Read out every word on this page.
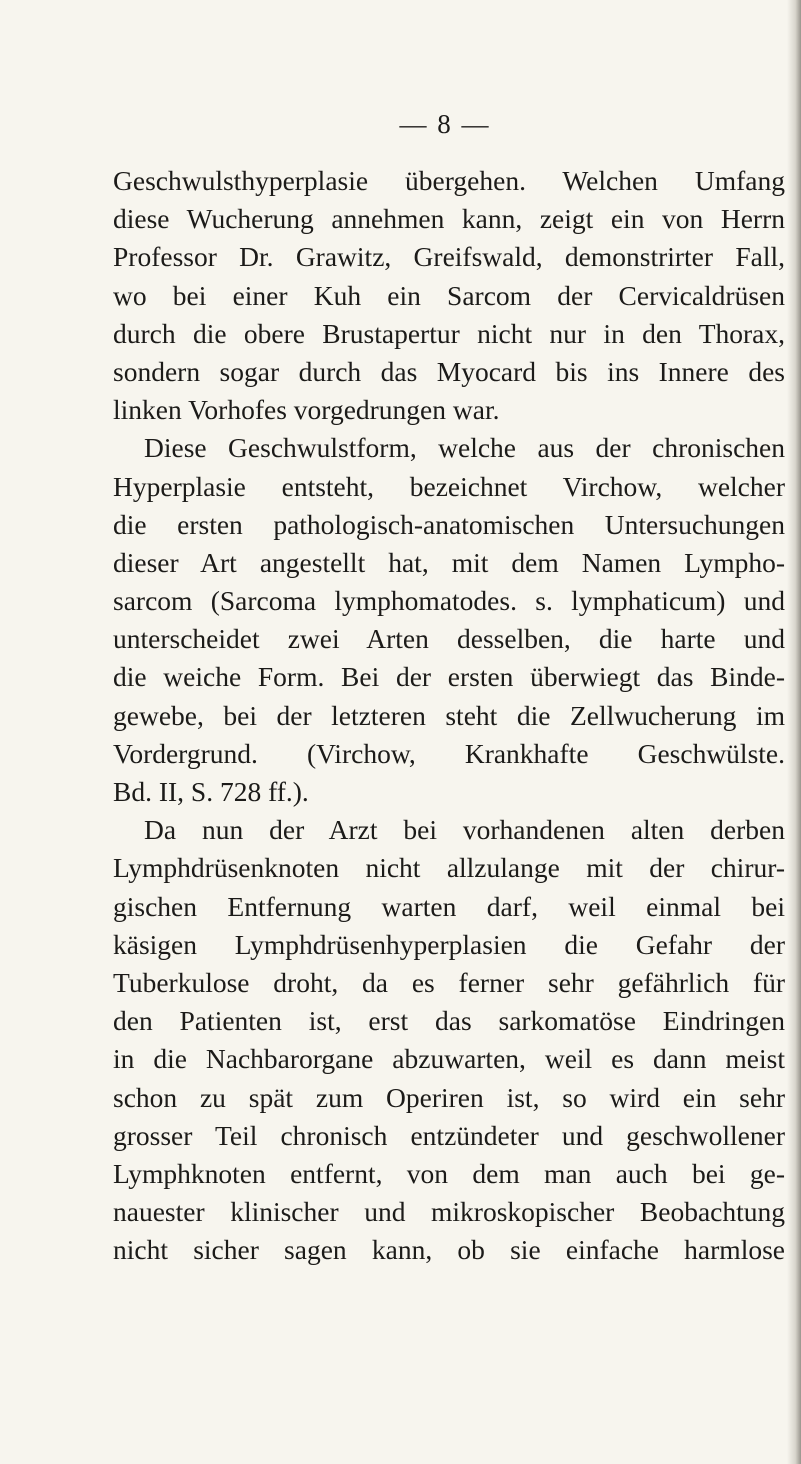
— 8 —
Geschwulsthyperplasie übergehen. Welchen Umfang
diese Wucherung annehmen kann, zeigt ein von Herrn
Professor Dr. Grawitz, Greifswald, demonstrirter Fall,
wo bei einer Kuh ein Sarcom der Cervicaldrüsen
durch die obere Brustapertur nicht nur in den Thorax,
sondern sogar durch das Myocard bis ins Innere des
linken Vorhofes vorgedrungen war.
Diese Geschwulstform, welche aus der chronischen
Hyperplasie entsteht, bezeichnet Virchow, welcher
die ersten pathologisch-anatomischen Untersuchungen
dieser Art angestellt hat, mit dem Namen Lympho-
sarcom (Sarcoma lymphomatodes. s. lymphaticum) und
unterscheidet zwei Arten desselben, die harte und
die weiche Form. Bei der ersten überwiegt das Binde-
gewebe, bei der letzteren steht die Zellwucherung im
Vordergrund. (Virchow, Krankhafte Geschwülste.
Bd. II, S. 728 ff.).
Da nun der Arzt bei vorhandenen alten derben
Lymphdrüsenknoten nicht allzulange mit der chirur-
gischen Entfernung warten darf, weil einmal bei
käsigen Lymphdrüsenhyperplasien die Gefahr der
Tuberkulose droht, da es ferner sehr gefährlich für
den Patienten ist, erst das sarkomatöse Eindringen
in die Nachbarorgane abzuwarten, weil es dann meist
schon zu spät zum Operiren ist, so wird ein sehr
grosser Teil chronisch entzündeter und geschwollener
Lymphknoten entfernt, von dem man auch bei ge-
nauester klinischer und mikroskopischer Beobachtung
nicht sicher sagen kann, ob sie einfache harmlose
